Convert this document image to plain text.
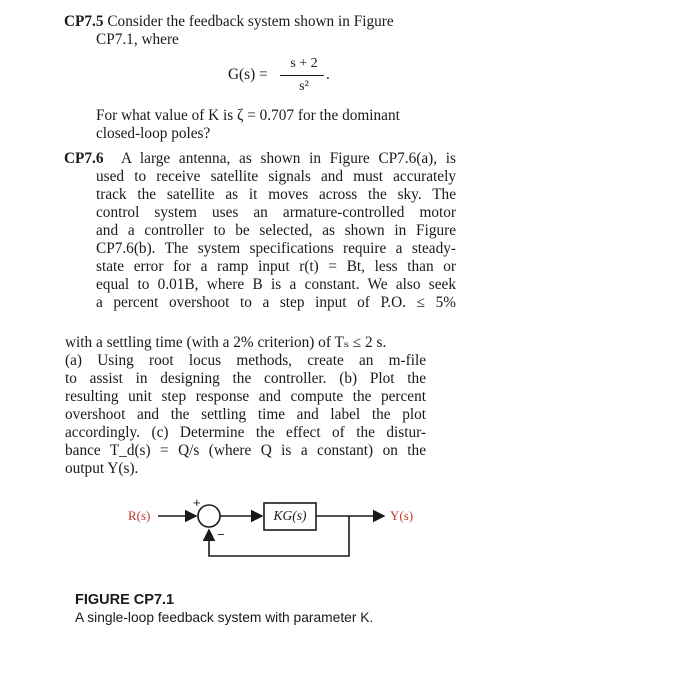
CP7.5 Consider the feedback system shown in Figure
CP7.1, where
G(s) =
s + 2
s²
.
For what value of K is ζ = 0.707 for the dominant
closed-loop poles?
CP7.6 A large antenna, as shown in Figure CP7.6(a), is
used to receive satellite signals and must accurately
track the satellite as it moves across the sky. The
control system uses an armature-controlled motor
and a controller to be selected, as shown in Figure
CP7.6(b). The system specifications require a steady-
state error for a ramp input r(t) = Bt, less than or
equal to 0.01B, where B is a constant. We also seek
a percent overshoot to a step input of P.O. ≤ 5%
with a settling time (with a 2% criterion) of Tₛ ≤ 2 s.
(a) Using root locus methods, create an m-file
to assist in designing the controller. (b) Plot the
resulting unit step response and compute the percent
overshoot and the settling time and label the plot
accordingly. (c) Determine the effect of the distur-
bance T_d(s) = Q/s (where Q is a constant) on the
output Y(s).
R(s)	Y(s)
KG(s)
+
−
FIGURE CP7.1
A single-loop feedback system with parameter K.
